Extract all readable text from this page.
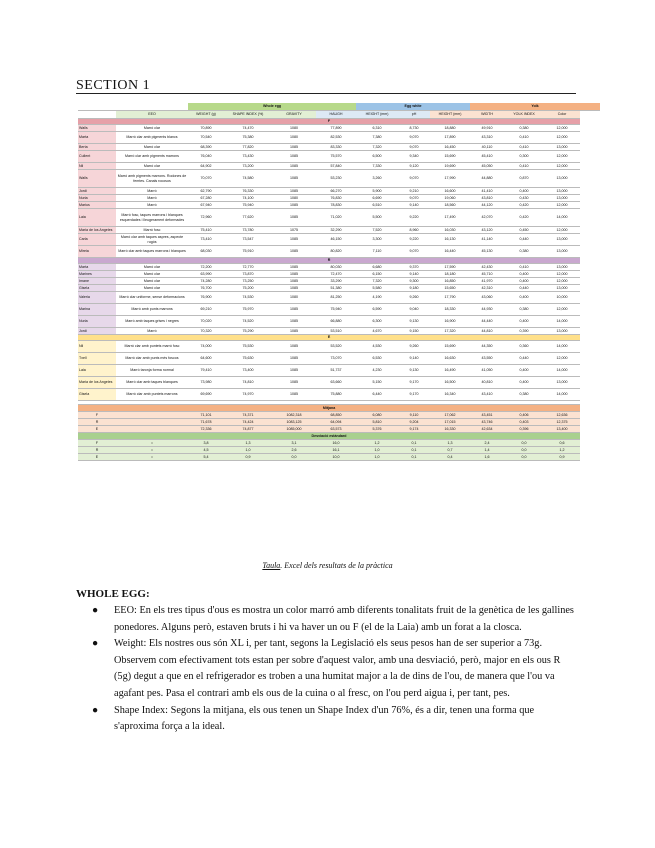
SECTION 1
		Whole egg				Egg white			Yolk		
	EEO	WEIGHT (g)	SHAPE INDEX (%)	GRAVITY	HAUGH	HEIGHT (mm)	pH	HEIGHT (mm)	WIDTH	YOLK INDEX	Color
F											
Walls	Marró clar	70,890	74,470	1080	77,890	6,310	8,730	18,880	49,910	0,380	12,000
Marta	Marró clar amb pigments blancs	70,540	75,380	1080	82,530	7,380	9,070	17,890	43,310	0,410	12,000
Berta	Marró clar	68,390	77,820	1085	83,330	7,320	9,070	16,450	40,110	0,410	13,000
Cullent	Marró clar amb pigments marrons	76,040	73,430	1085	75,570	6,500	9,340	15,690	45,410	0,300	12,000
Nil	Marró clar	64,902	73,200	1085	57,840	7,330	9,120	19,690	45,050	0,410	12,000
Walls	Marró amb pigments marrons. Rodones de femtes. Canals rocosos	70,070	74,580	1085	53,230	3,260	9,070	17,990	44,880	0,870	13,000
Jordi	Marró	62,790	76,330	1085	66,270	5,900	9,210	16,600	41,410	0,400	13,000
Nuria	Marró	67,280	74,100	1080	76,830	6,690	9,070	19,060	43,810	0,430	13,000
Marius	Marró	67,940	75,940	1085	78,830	6,510	9,140	18,560	44,120	0,420	12,000
Laia	Marró fosc, taques marrons i blanques esquerdades i lleugerament deformades	72,960	77,620	1085	71,020	5,500	9,220	17,490	42,070	0,420	14,000
Maria de los Angeles	Marró fosc	75,410	73,780	1075	32,290	7,520	8,960	16,030	43,120	0,450	12,000
Carla	Marró clar amb taques aspres, aspecte rugós	73,410	73,547	1085	46,150	3,300	9,220	16,130	41,140	0,440	13,000
Mireia	Marró clar amb taques marrons i blanques	68,030	75,910	1085	80,820	7,110	9,070	16,440	45,130	0,380	13,000
R											
Marta	Marró clar	72,200	72,770	1085	80,030	6,680	9,370	17,590	42,430	0,410	13,000
Marines	Marró clar	63,990	73,870	1085	72,470	6,150	9,140	18,180	45,710	0,400	12,000
Imane	Marró clar	74,280	73,250	1085	33,290	7,320	9,300	16,850	41,970	0,400	12,000
Gisela	Marró clar	76,700	75,200	1085	51,380	5,580	9,180	15,650	42,310	0,440	13,000
Valeria	Marró clar uniforme, sense deformacions	76,900	74,530	1080	81,250	4,190	9,260	17,790	43,060	0,400	10,000
Marina	Marró amb punts marrons	69,210	75,970	1085	75,940	6,590	9,040	18,330	44,930	0,380	12,000
Nuria	Marró amb taques grises i negres	70,020	74,520	1085	66,880	6,300	9,130	16,900	44,440	0,400	14,000
Jordi	Marró	70,320	75,290	1085	53,510	4,670	9,150	17,320	44,810	0,390	13,000
E											
Nil	Marró clar amb puntets marró fosc	74,000	75,530	1085	53,520	4,530	9,260	15,690	44,350	0,360	14,000
Txell	Marró clar amb punts més foscos	64,600	75,630	1085	73,070	6,530	9,140	16,630	43,550	0,440	12,000
Laia	Marró taronja forma normal	79,410	73,400	1085	51,737	4,230	9,130	16,490	41,050	0,400	14,000
Maria de los Angeles	Marró clar amb taques blanques	73,980	74,810	1085	63,660	5,150	9,170	16,500	40,810	0,400	13,000
Gisela	Marró clar amb puntets marrons	69,690	74,970	1085	75,880	6,440	9,170	16,340	43,410	0,380	14,000

Mitjana											
F		71,101	74,371	1082,318	68,850	6,080	9,110	17,062	43,451	0,406	12,636
R		71,678	74,424	1083,125	64,094	5,810	9,204	17,015	43,746	0,403	12,375
E		72,336	74,877	1085,000	63,573	5,376	9,174	16,330	42,634	0,396	13,400
Desviació estàndard											
F	•	3,8	1,3	3,1	16,0	1,2	0,1	1,3	2,4	0,0	0,6
R	•	4,5	1,0	2,6	16,1	1,0	0,1	0,7	1,4	0,0	1,2
E	•	5,4	0,9	0,0	10,0	1,0	0,1	0,4	1,6	0,0	0,9
Taula. Excel dels resultats de la pràctica
WHOLE EGG:
● EEO: En els tres tipus d'ous es mostra un color marró amb diferents tonalitats fruit de la genètica de les gallines ponedores. Alguns però, estaven bruts i hi va haver un ou F (el de la Laia) amb un forat a la closca.
● Weight: Els nostres ous són XL i, per tant, segons la Legislació els seus pesos han de ser superior a 73g. Observem com efectivament tots estan per sobre d'aquest valor, amb una desviació, però, major en els ous R (5g) degut a que en el refrigerador es troben a una humitat major a la de dins de l'ou, de manera que l'ou va agafant pes. Pasa el contrari amb els ous de la cuina o al fresc, on l'ou perd aigua i, per tant, pes.
● Shape Index: Segons la mitjana, els ous tenen un Shape Index d'un 76%, és a dir, tenen una forma que s'aproxima força a la ideal.
